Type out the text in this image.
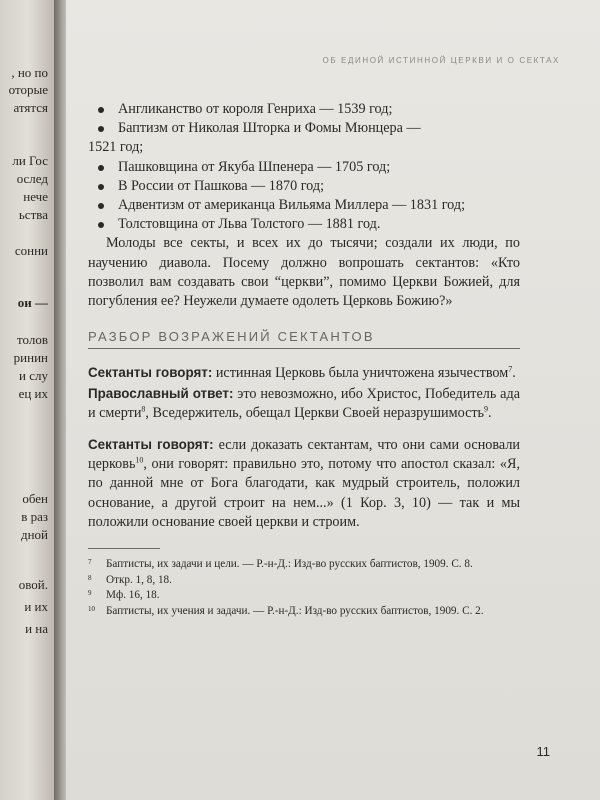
, но по
оторые
атятся
ли Гос
ослед
нече
ьства
сонни
ои —
толов
ринин
и слу
ец их
обен
в раз
дной
овой.
и их
и на
ОБ ЕДИНОЙ ИСТИННОЙ ЦЕРКВИ И О СЕКТАХ
Англиканство от короля Генриха — 1539 год;
Баптизм от Николая Шторка и Фомы Мюнцера —
1521 год;
Пашковщина от Якуба Шпенера — 1705 год;
В России от Пашкова — 1870 год;
Адвентизм от американца Вильяма Миллера — 1831 год;
Толстовщина от Льва Толстого — 1881 год.

Молоды все секты, и всех их до тысячи; создали их люди, по научению диавола. Посему должно вопрошать сектантов: «Кто позволил вам создавать свои “церкви”, помимо Церкви Божией, для погубления ее? Неужели думаете одолеть Церковь Божию?»

РАЗБОР ВОЗРАЖЕНИЙ СЕКТАНТОВ

Сектанты говорят: истинная Церковь была уничтожена язычеством$^7$.

Православный ответ: это невозможно, ибо Христос, Победитель ада и смерти$^8$, Вседержитель, обещал Церкви Своей неразрушимость$^9$.

Сектанты говорят: если доказать сектантам, что они сами основали церковь$^{10}$, они говорят: правильно это, потому что апостол сказал: «Я, по данной мне от Бога благодати, как мудрый строитель, положил основание, а другой строит на нем...» (1 Кор. 3, 10) — так и мы положили основание своей церкви и строим.

$^7$ Баптисты, их задачи и цели. — Р.-н-Д.: Изд-во русских баптистов, 1909. С. 8.

$^8$ Откр. 1, 8, 18.

$^9$ Мф. 16, 18.

$^{10}$ Баптисты, их учения и задачи. — Р.-н-Д.: Изд-во русских баптистов, 1909. С. 2.

11
